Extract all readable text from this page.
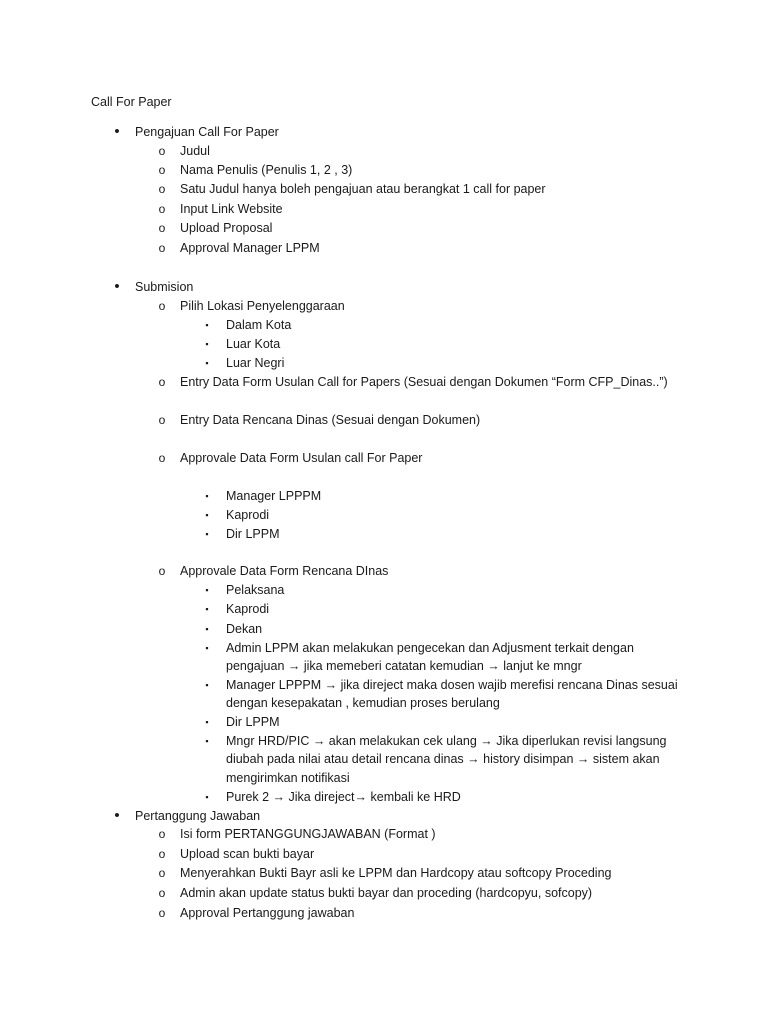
Call For Paper
•	Pengajuan Call For Paper
o Judul
o Nama Penulis (Penulis 1, 2 , 3)
o Satu Judul hanya boleh pengajuan atau berangkat 1 call for paper
o Input Link Website
o Upload Proposal
o Approval Manager LPPM
•	Submision
o Pilih Lokasi Penyelenggaraan
▪	Dalam Kota
▪	Luar Kota
▪	Luar Negri
o Entry Data Form Usulan Call for Papers (Sesuai dengan Dokumen “Form CFP_Dinas..”)
o Entry Data Rencana Dinas (Sesuai dengan Dokumen)
o Approvale Data Form Usulan call For Paper
▪	Manager LPPPM
▪	Kaprodi
▪	Dir LPPM
o Approvale Data Form Rencana DInas
▪	Pelaksana
▪	Kaprodi
▪	Dekan
▪	Admin LPPM akan melakukan pengecekan dan Adjusment terkait dengan
pengajuan → jika memeberi catatan kemudian → lanjut ke mngr
▪	Manager LPPPM → jika direject maka dosen wajib merefisi rencana Dinas sesuai
dengan kesepakatan , kemudian proses berulang
▪	Dir LPPM
▪	Mngr HRD/PIC → akan melakukan cek ulang → Jika diperlukan revisi langsung
diubah pada nilai atau detail rencana dinas → history disimpan → sistem akan
mengirimkan notifikasi
▪	Purek 2 → Jika direject→ kembali ke HRD
•	Pertanggung Jawaban
o Isi form PERTANGGUNGJAWABAN (Format )
o Upload scan bukti bayar
o Menyerahkan Bukti Bayr asli ke LPPM dan Hardcopy atau softcopy Proceding
o Admin akan update status bukti bayar dan proceding (hardcopyu, sofcopy)
o Approval Pertanggung jawaban
